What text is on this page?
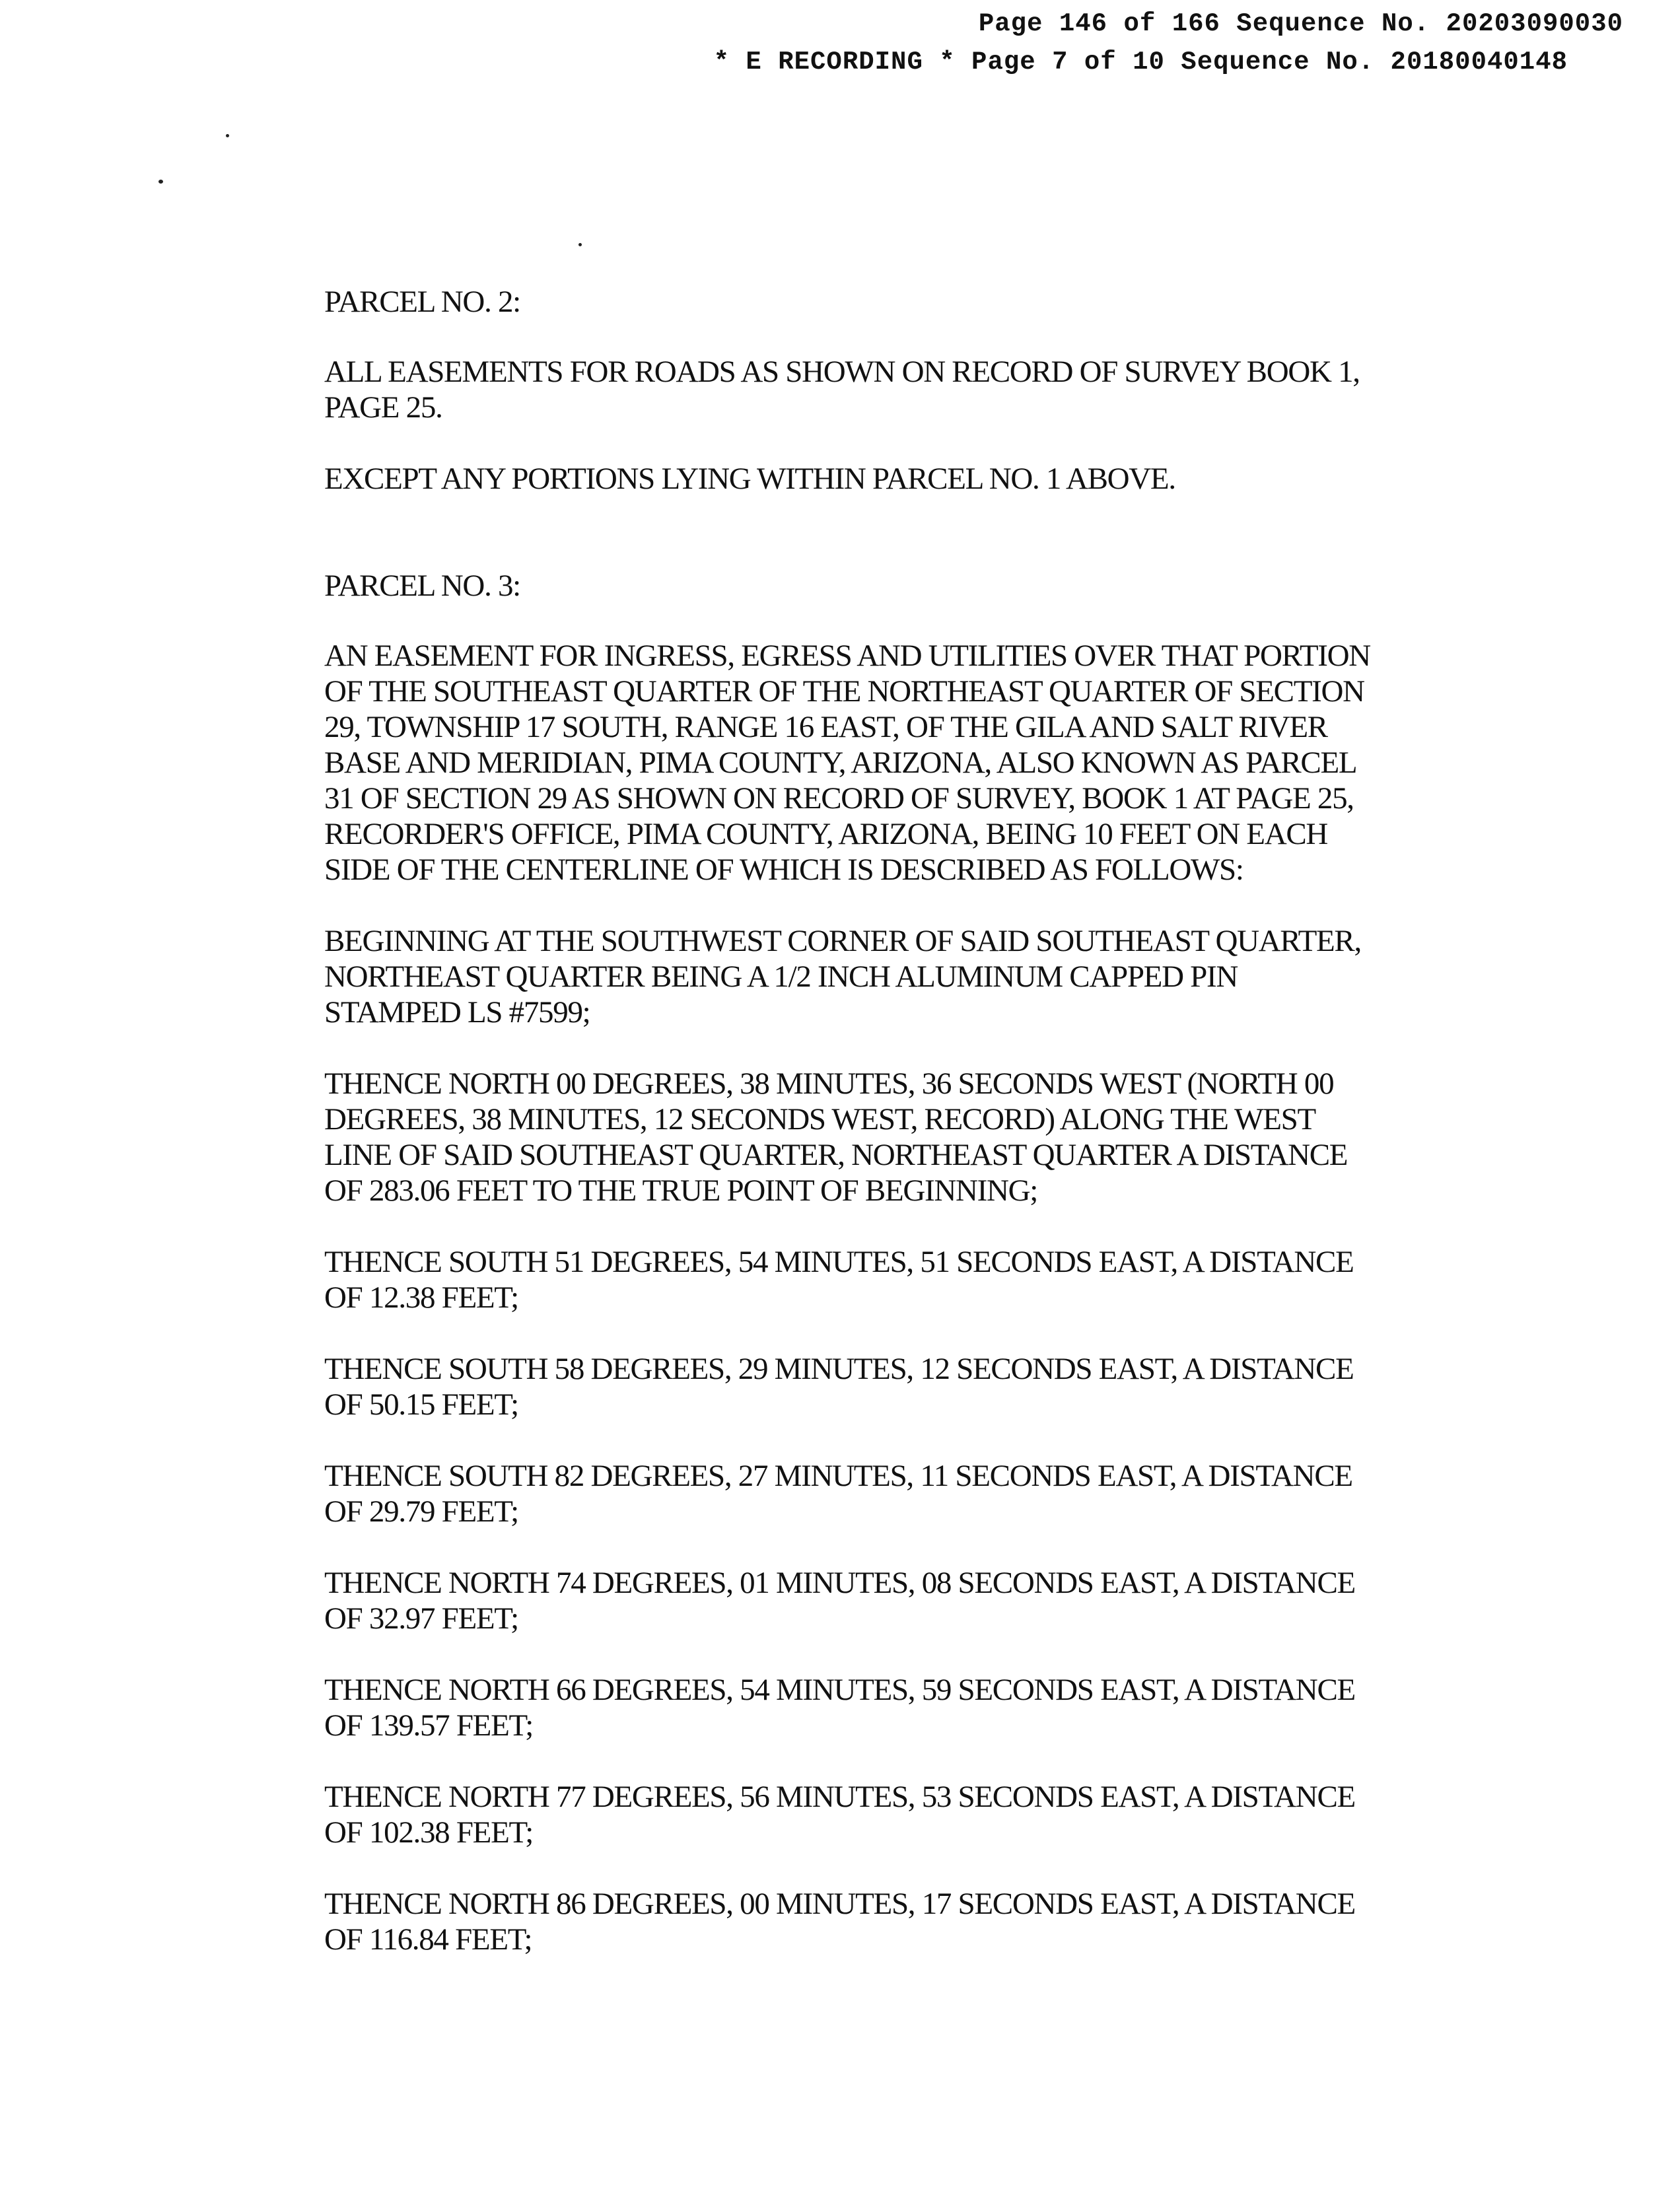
Page 146 of 166 Sequence No. 20203090030
* E RECORDING * Page 7 of 10 Sequence No. 20180040148
PARCEL NO. 2:
ALL EASEMENTS FOR ROADS AS SHOWN ON RECORD OF SURVEY BOOK 1,
PAGE 25.
EXCEPT ANY PORTIONS LYING WITHIN PARCEL NO. 1 ABOVE.
PARCEL NO. 3:
AN EASEMENT FOR INGRESS, EGRESS AND UTILITIES OVER THAT PORTION
OF THE SOUTHEAST QUARTER OF THE NORTHEAST QUARTER OF SECTION
29, TOWNSHIP 17 SOUTH, RANGE 16 EAST, OF THE GILA AND SALT RIVER
BASE AND MERIDIAN, PIMA COUNTY, ARIZONA, ALSO KNOWN AS PARCEL
31 OF SECTION 29 AS SHOWN ON RECORD OF SURVEY, BOOK 1 AT PAGE 25,
RECORDER'S OFFICE, PIMA COUNTY, ARIZONA, BEING 10 FEET ON EACH
SIDE OF THE CENTERLINE OF WHICH IS DESCRIBED AS FOLLOWS:
BEGINNING AT THE SOUTHWEST CORNER OF SAID SOUTHEAST QUARTER,
NORTHEAST QUARTER BEING A 1/2 INCH ALUMINUM CAPPED PIN
STAMPED LS #7599;
THENCE NORTH 00 DEGREES, 38 MINUTES, 36 SECONDS WEST (NORTH 00
DEGREES, 38 MINUTES, 12 SECONDS WEST, RECORD) ALONG THE WEST
LINE OF SAID SOUTHEAST QUARTER, NORTHEAST QUARTER A DISTANCE
OF 283.06 FEET TO THE TRUE POINT OF BEGINNING;
THENCE SOUTH 51 DEGREES, 54 MINUTES, 51 SECONDS EAST, A DISTANCE
OF 12.38 FEET;
THENCE SOUTH 58 DEGREES, 29 MINUTES, 12 SECONDS EAST, A DISTANCE
OF 50.15 FEET;
THENCE SOUTH 82 DEGREES, 27 MINUTES, 11 SECONDS EAST, A DISTANCE
OF 29.79 FEET;
THENCE NORTH 74 DEGREES, 01 MINUTES, 08 SECONDS EAST, A DISTANCE
OF 32.97 FEET;
THENCE NORTH 66 DEGREES, 54 MINUTES, 59 SECONDS EAST, A DISTANCE
OF 139.57 FEET;
THENCE NORTH 77 DEGREES, 56 MINUTES, 53 SECONDS EAST, A DISTANCE
OF 102.38 FEET;
THENCE NORTH 86 DEGREES, 00 MINUTES, 17 SECONDS EAST, A DISTANCE
OF 116.84 FEET;
